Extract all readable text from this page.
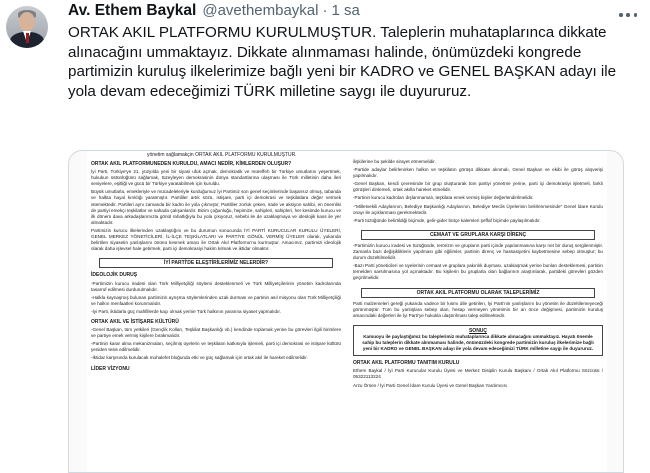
Av. Ethem Baykal @avethembaykal · 1 sa
ORTAK AKIL PLATFORMU KURULMUŞTUR. Taleplerin muhataplarınca dikkate alınacağını ummaktayız. Dikkate alınmaması halinde, önümüzdeki kongrede partimizin kuruluş ilkelerimize bağlı yeni bir KADRO ve GENEL BAŞKAN adayı ile yola devam edeceğimizi TÜRK milletine saygı ile duyururuz.
yönetim sağlamakçin ORTAK AKIL PLATFORMU KURULMUŞTUR.
ORTAK AKIL PLATFORMUNEDEN KURULDU, AMACI NEDİR, KİMLERDEN OLUŞUR?
İyi Parti, Türkiye'ye 21. yüzyılda yeni bir siyasi ufuk açmak, demokratik ve müreffeh bir Türkiye umutlarını yeşertmek, hukukun üstünlüğünü sağlamak, tüzeyleyen demokrasinin dünya standartlarına ulaşması ile Türk milletinin daha ileri seviyelere, eşitliği ve gücü bir Türkiye yaratabilmek için kuruldu.
Büyük umutlarla, emekleriyle ve mücadeleleriyle kurduğumuz İyi Partimiz son genel seçimlerinde başarısız olmuş, tabanda ve halkta hayal kırıklığı yaratmıştır. Partililer artık sözü, istişare, parti içi demokrasi ve teşkilatlara değer vermek istemektedir. Partileri aynı zamanda bir kadro ile yola çıkmıştır, Partililer zorluk çeken, irade ve aksiyon sahibi, en önemlisi de partiyi emekçi teşkilatlar ve sahada çalışanlardır. Bizim çoğunluğu, hepimize, sahipleri, sahipleri, her kesimde kurucu ve ilk dönem dava arkadaşlarımızla gönül rahatlığıyla bu yola çıkıyoruz, sebebi ile de uzaklaşmaya ve ideolojik kaos ile yer almaktadır.
Partimizin kurucu ilkelerinden uzaklaştığını ve bu durumun sonucunda İYİ PARTİ KURUCULAR KURULU ÜYELERİ, GENEL MERKEZ YÖNETİCİLERİ, İL-İLÇE TEŞKİLATLARI ve PARTİYE GÖNÜL VERMİŞ ÜYELER olarak, yukarıda belirtilen siyasetin yanlışlarını önünü kesmek amacı ile Ortak Akıl Platformu'nu kurmuştur. Amacımız, partimizi ideolojik olarak daha işlevsel hale getirmek, parti içi demokrasiyi hakim kılmak ve iktidar olmaktır.
İYİ PARTİ'DE ELEŞTİRİLERİMİZ NELERDİR?
İDEOLOJİK DURUŞ
-Partimizin kurucu iradesi olan Türk Milliyetçiliği söylemi desteklenmeli ve Türk Milliyetçilerinin yönetim kadrolarında tasarruf edilmesi durdurulmalıdır.
-Halkla kaynaşmış bulunan partimizin ayrışma söylemlerinden uzak durması ve partinin asıl misyonu olan Türk Milliyetçiliği ve halkın menfaatleri korunmalıdır.
-İyi Parti, iktidarla güç mahfillerde kaçı olmak yerine Türk halkının yararına siyaset yapmalıdır.
ORTAK AKIL VE İSTİŞARE KÜLTÜRÜ
-Genel Başkan, tüm yetkileri (Gençlik Kolları, Teşkilat Başkanlığı vb.) kendinde toplamak yerine bu görevleri ilgili birimlere ve partiye emek vermiş kişilere bırakmalıdır.
-Partinin karar alma mekanizmaları, seçilmiş üyelerin ve teşkilatın katkısıyla işlemeli, parti içi demokrasi ve istişare kültürü yeniden tesis edilmelidir.
-İktidar karşısında kurulacak muhalefet bloğunda etki ve güç sağlamak için ortak akıl ile hareket edilmelidir.
LİDER VİZYONU
ilişkilerine bu şekilde sirayet etmemelidir.
-Partide adaylar belirlenirken halkın ve teşkilatın görüşü dikkate alınmalı, Genel Başkan ve ekibi ile görüş alışverişi yapılmalıdır.
-Genel Başkan, kendi çevresinde bir grup oluşturarak tüm partiyi yönetme yerine, parti içi demokrasiyi işletmeli, farklı görüşleri dinlemeli, ortak akılla hareket etmelidir.
-Partinin kurucu kadroları dışlanmamalı, teşkilata emek vermiş kişiler değerlendirilmelidir.
-"Milletvekili Adaylarının, Belediye Başkanlığı Adaylarının, Belediye Meclis Üyelerinin belirlenmesinde" Genel İdare Kurulu onayı ile açıklanması gerekmektedir.
-Parti tüzüğünde belirtildiği biçimde, gelir-gider bütçe kalemleri şeffaf biçimde paylaşılmalıdır.
CEMAAT VE GRUPLARA KARŞI DİRENÇ
-Partimizin kurucu iradesi ve tüzüğünde, terörizm ve grupların parti içinde yapılanmasına karşı net bir duruş sergilenmiştir. Zamanla bazı değişikliklerin yapılması gibi eğilimler, partinin direnç ve hassasiyetini kaybetmesine sebep olmuştur; bu durum düzeltilmelidir.
-Bazı Parti yöneticileri ve üyelerinin cemaat ve gruplara yakınlık duyması, uzaklaşmak yerine bunları desteklemesi, partinin temelden sarsılmasına yol açmaktadır. Bu kişilerin bu gruplarla olan bağlarının araştırılarak, partideki görevleri gözden geçirilmelidir.
ORTAK AKIL PLATFORMU OLARAK TALEPLERİMİZ
Parti malzemeleri gereği yukarıda vadece bir kısmı dile getirilen, İyi Parti'nin yanlışlarını bu yönetim ile düzeltilemeyeceği görünmüştür. Tüm bu yanlışlara sebep olan, hesap vermeyen yönetimin bir an önce değişmesi, partimizin kuruluş amacındaki değerleri ile İyi Parti'ye hukukla ulaştırılması talep edilmektedir.
SONUÇ
Kamuoyu ile paylaştığımız bu taleplerimiz muhataplarınca dikkate alınacağını ummaktayız. Hayatı önemle sahip bu taleplerin dikkate alınmaması halinde, önümüzdeki kongrede partimizin kuruluş ilkelerimize bağlı yeni bir KADRO ve GENEL BAŞKAN adayı ile yola devam edeceğimizi TÜRK milletine saygı ile duyururuz.
ORTAK AKIL PLATFORMU TANITIM KURULU
Ethem Baykal / İyi Parti Kurucular Kurulu Üyesi ve Merkez Disiplin Kurulu Başkanı / Ortak Akıl Platformu Sözcüsü / 05322113224
Arzu Örsen / İyi Parti Genel İdare Kurulu Üyesi ve Genel Başkan Yardımcısı
